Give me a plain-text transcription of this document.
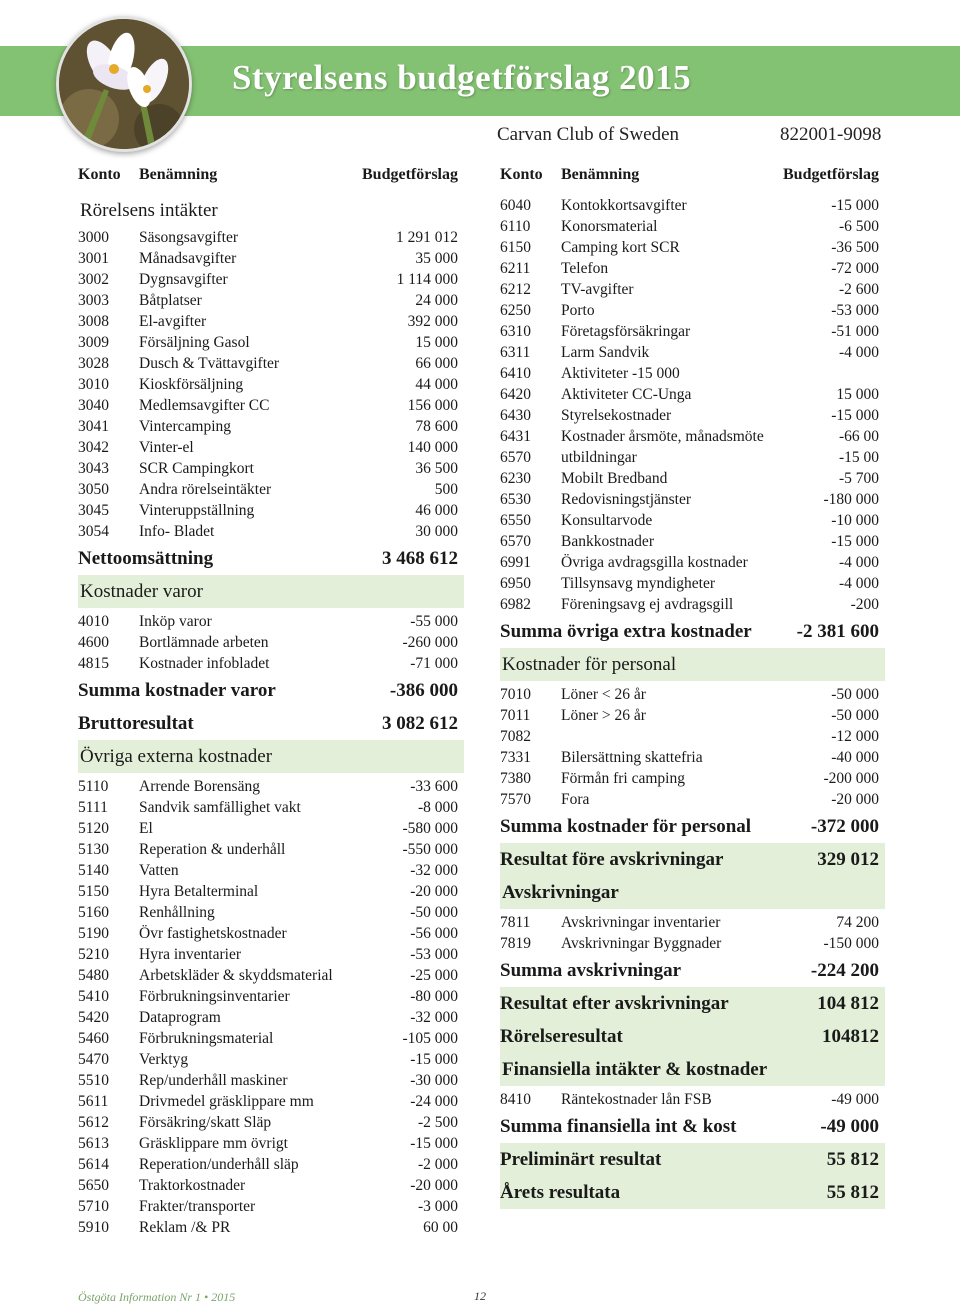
Styrelsens budgetförslag 2015
Carvan Club of Sweden	822001-9098
Konto Benämning	Budgetförslag
Rörelsens intäkter
3000 Säsongsavgifter	1 291 012
3001 Månadsavgifter	35 000
3002 Dygnsavgifter	1 114 000
3003 Båtplatser	24 000
3008 El-avgifter	392 000
3009 Försäljning Gasol	15 000
3028 Dusch & Tvättavgifter	66 000
3010 Kioskförsäljning	44 000
3040 Medlemsavgifter CC	156 000
3041 Vintercamping	78 600
3042 Vinter-el	140 000
3043 SCR Campingkort	36 500
3050 Andra rörelseintäkter	500
3045 Vinteruppställning	46 000
3054 Info- Bladet	30 000
Nettoomsättning	3 468 612
Kostnader varor
4010 Inköp varor	-55 000
4600 Bortlämnade arbeten	-260 000
4815 Kostnader infobladet	-71 000
Summa kostnader varor	-386 000
Bruttoresultat	3 082 612
Övriga externa kostnader
5110 Arrende Borensäng	-33 600
5111 Sandvik samfällighet vakt	-8 000
5120 El	-580 000
5130 Reperation & underhåll	-550 000
5140 Vatten	-32 000
5150 Hyra Betalterminal	-20 000
5160 Renhållning	-50 000
5190 Övr fastighetskostnader	-56 000
5210 Hyra inventarier	-53 000
5480 Arbetskläder & skyddsmaterial	-25 000
5410 Förbrukningsinventarier	-80 000
5420 Dataprogram	-32 000
5460 Förbrukningsmaterial	-105 000
5470 Verktyg	-15 000
5510 Rep/underhåll maskiner	-30 000
5611 Drivmedel gräsklippare mm	-24 000
5612 Försäkring/skatt Släp	-2 500
5613 Gräsklippare mm övrigt	-15 000
5614 Reperation/underhåll släp	-2 000
5650 Traktorkostnader	-20 000
5710 Frakter/transporter	-3 000
5910 Reklam /& PR	60 00
Konto Benämning	Budgetförslag
6040 Kontokkortsavgifter	-15 000
6110 Konorsmaterial	-6 500
6150 Camping kort SCR	-36 500
6211 Telefon	-72 000
6212 TV-avgifter	-2 600
6250 Porto	-53 000
6310 Företagsförsäkringar	-51 000
6311 Larm Sandvik	-4 000
6410 Aktiviteter -15 000
6420 Aktiviteter CC-Unga	15 000
6430 Styrelsekostnader	-15 000
6431 Kostnader årsmöte, månadsmöte	-66 00
6570 utbildningar	-15 00
6230 Mobilt Bredband	-5 700
6530 Redovisningstjänster	-180 000
6550 Konsultarvode	-10 000
6570 Bankkostnader	-15 000
6991 Övriga avdragsgilla kostnader	-4 000
6950 Tillsynsavg myndigheter	-4 000
6982 Föreningsavg ej avdragsgill	-200
Summa övriga extra kostnader -2 381 600
Kostnader för personal
7010 Löner < 26 år	-50 000
7011 Löner > 26 år	-50 000
7082	-12 000
7331 Bilersättning skattefria	-40 000
7380 Förmån fri camping	-200 000
7570 Fora	-20 000
Summa kostnader för personal	-372 000
Resultat före avskrivningar	329 012
Avskrivningar
7811 Avskrivningar inventarier	74 200
7819 Avskrivningar Byggnader	-150 000
Summa avskrivningar	-224 200
Resultat efter avskrivningar	104 812
Rörelseresultat	104812
Finansiella intäkter & kostnader
8410 Räntekostnader lån FSB	-49 000
Summa finansiella int & kost	-49 000
Preliminärt resultat	55 812
Årets resultata	55 812
Östgöta Information Nr 1 • 2015	12
